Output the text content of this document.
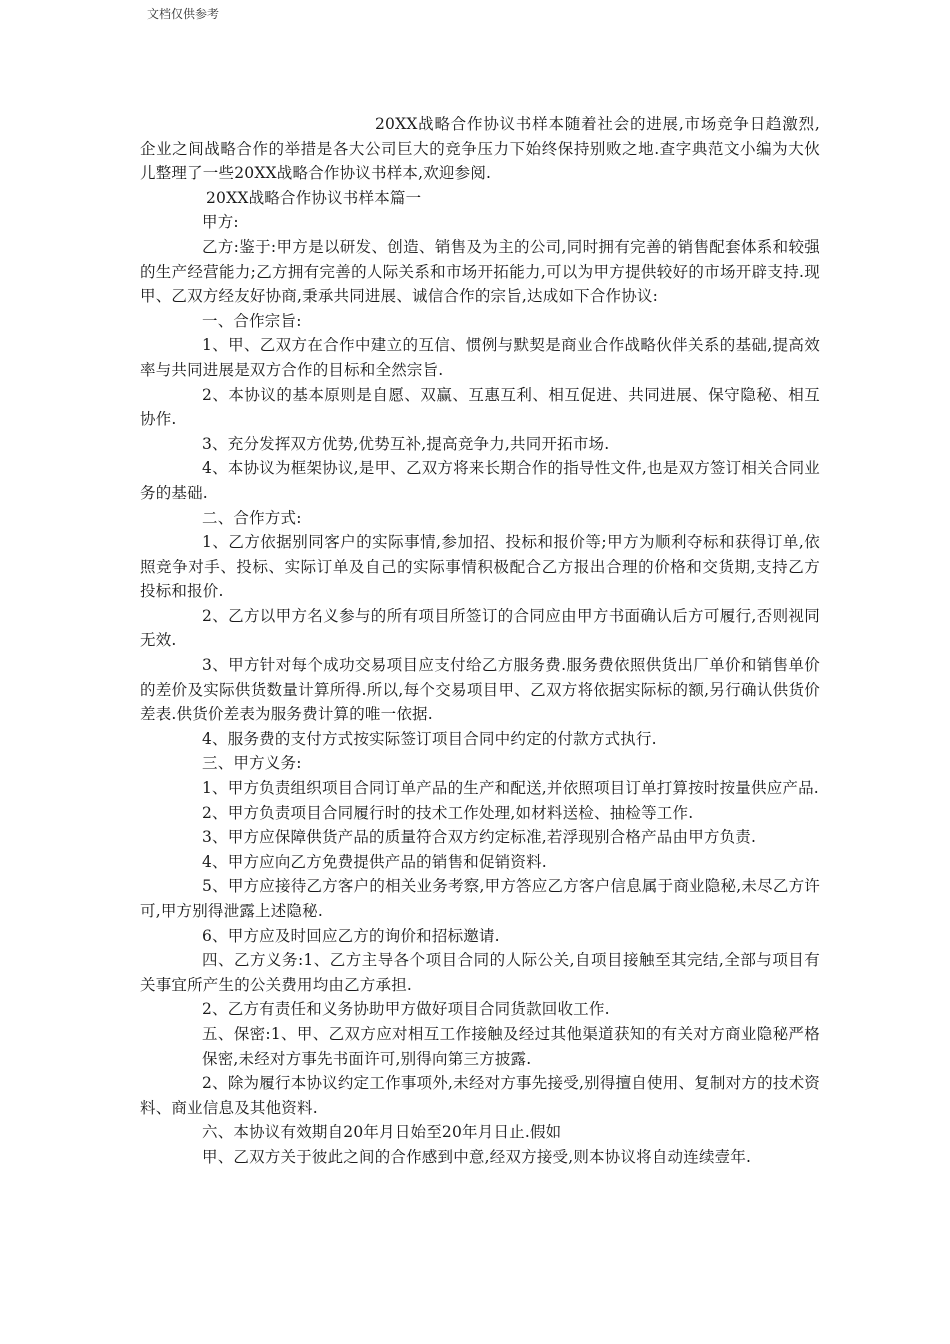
文档仅供参考

20XX战略合作协议书样本随着社会的进展,市场竞争日趋激烈,企业之间战略合作的举措是各大公司巨大的竞争压力下始终保持别败之地.查字典范文小编为大伙儿整理了一些20XX战略合作协议书样本,欢迎参阅.

20XX战略合作协议书样本篇一

甲方:

乙方:鉴于:甲方是以研发、创造、销售及为主的公司,同时拥有完善的销售配套体系和较强的生产经营能力;乙方拥有完善的人际关系和市场开拓能力,可以为甲方提供较好的市场开辟支持.现甲、乙双方经友好协商,秉承共同进展、诚信合作的宗旨,达成如下合作协议:

一、合作宗旨:

1、甲、乙双方在合作中建立的互信、惯例与默契是商业合作战略伙伴关系的基础,提高效率与共同进展是双方合作的目标和全然宗旨.

2、本协议的基本原则是自愿、双赢、互惠互利、相互促进、共同进展、保守隐秘、相互协作.

3、充分发挥双方优势,优势互补,提高竞争力,共同开拓市场.

4、本协议为框架协议,是甲、乙双方将来长期合作的指导性文件,也是双方签订相关合同业务的基础.

二、合作方式:

1、乙方依据别同客户的实际事情,参加招、投标和报价等;甲方为顺利夺标和获得订单,依照竞争对手、投标、实际订单及自己的实际事情积极配合乙方报出合理的价格和交货期,支持乙方投标和报价.

2、乙方以甲方名义参与的所有项目所签订的合同应由甲方书面确认后方可履行,否则视同无效.

3、甲方针对每个成功交易项目应支付给乙方服务费.服务费依照供货出厂单价和销售单价的差价及实际供货数量计算所得.所以,每个交易项目甲、乙双方将依据实际标的额,另行确认供货价差表.供货价差表为服务费计算的唯一依据.

4、服务费的支付方式按实际签订项目合同中约定的付款方式执行.

三、甲方义务:

1、甲方负责组织项目合同订单产品的生产和配送,并依照项目订单打算按时按量供应产品.

2、甲方负责项目合同履行时的技术工作处理,如材料送检、抽检等工作.

3、甲方应保障供货产品的质量符合双方约定标准,若浮现别合格产品由甲方负责.

4、甲方应向乙方免费提供产品的销售和促销资料.

5、甲方应接待乙方客户的相关业务考察,甲方答应乙方客户信息属于商业隐秘,未尽乙方许可,甲方别得泄露上述隐秘.

6、甲方应及时回应乙方的询价和招标邀请.

四、乙方义务:1、乙方主导各个项目合同的人际公关,自项目接触至其完结,全部与项目有关事宜所产生的公关费用均由乙方承担.

2、乙方有责任和义务协助甲方做好项目合同货款回收工作.

五、保密:1、甲、乙双方应对相互工作接触及经过其他渠道获知的有关对方商业隐秘严格保密,未经对方事先书面许可,别得向第三方披露.

2、除为履行本协议约定工作事项外,未经对方事先接受,别得擅自使用、复制对方的技术资料、商业信息及其他资料.

六、本协议有效期自20年月日始至20年月日止.假如

甲、乙双方关于彼此之间的合作感到中意,经双方接受,则本协议将自动连续壹年.
